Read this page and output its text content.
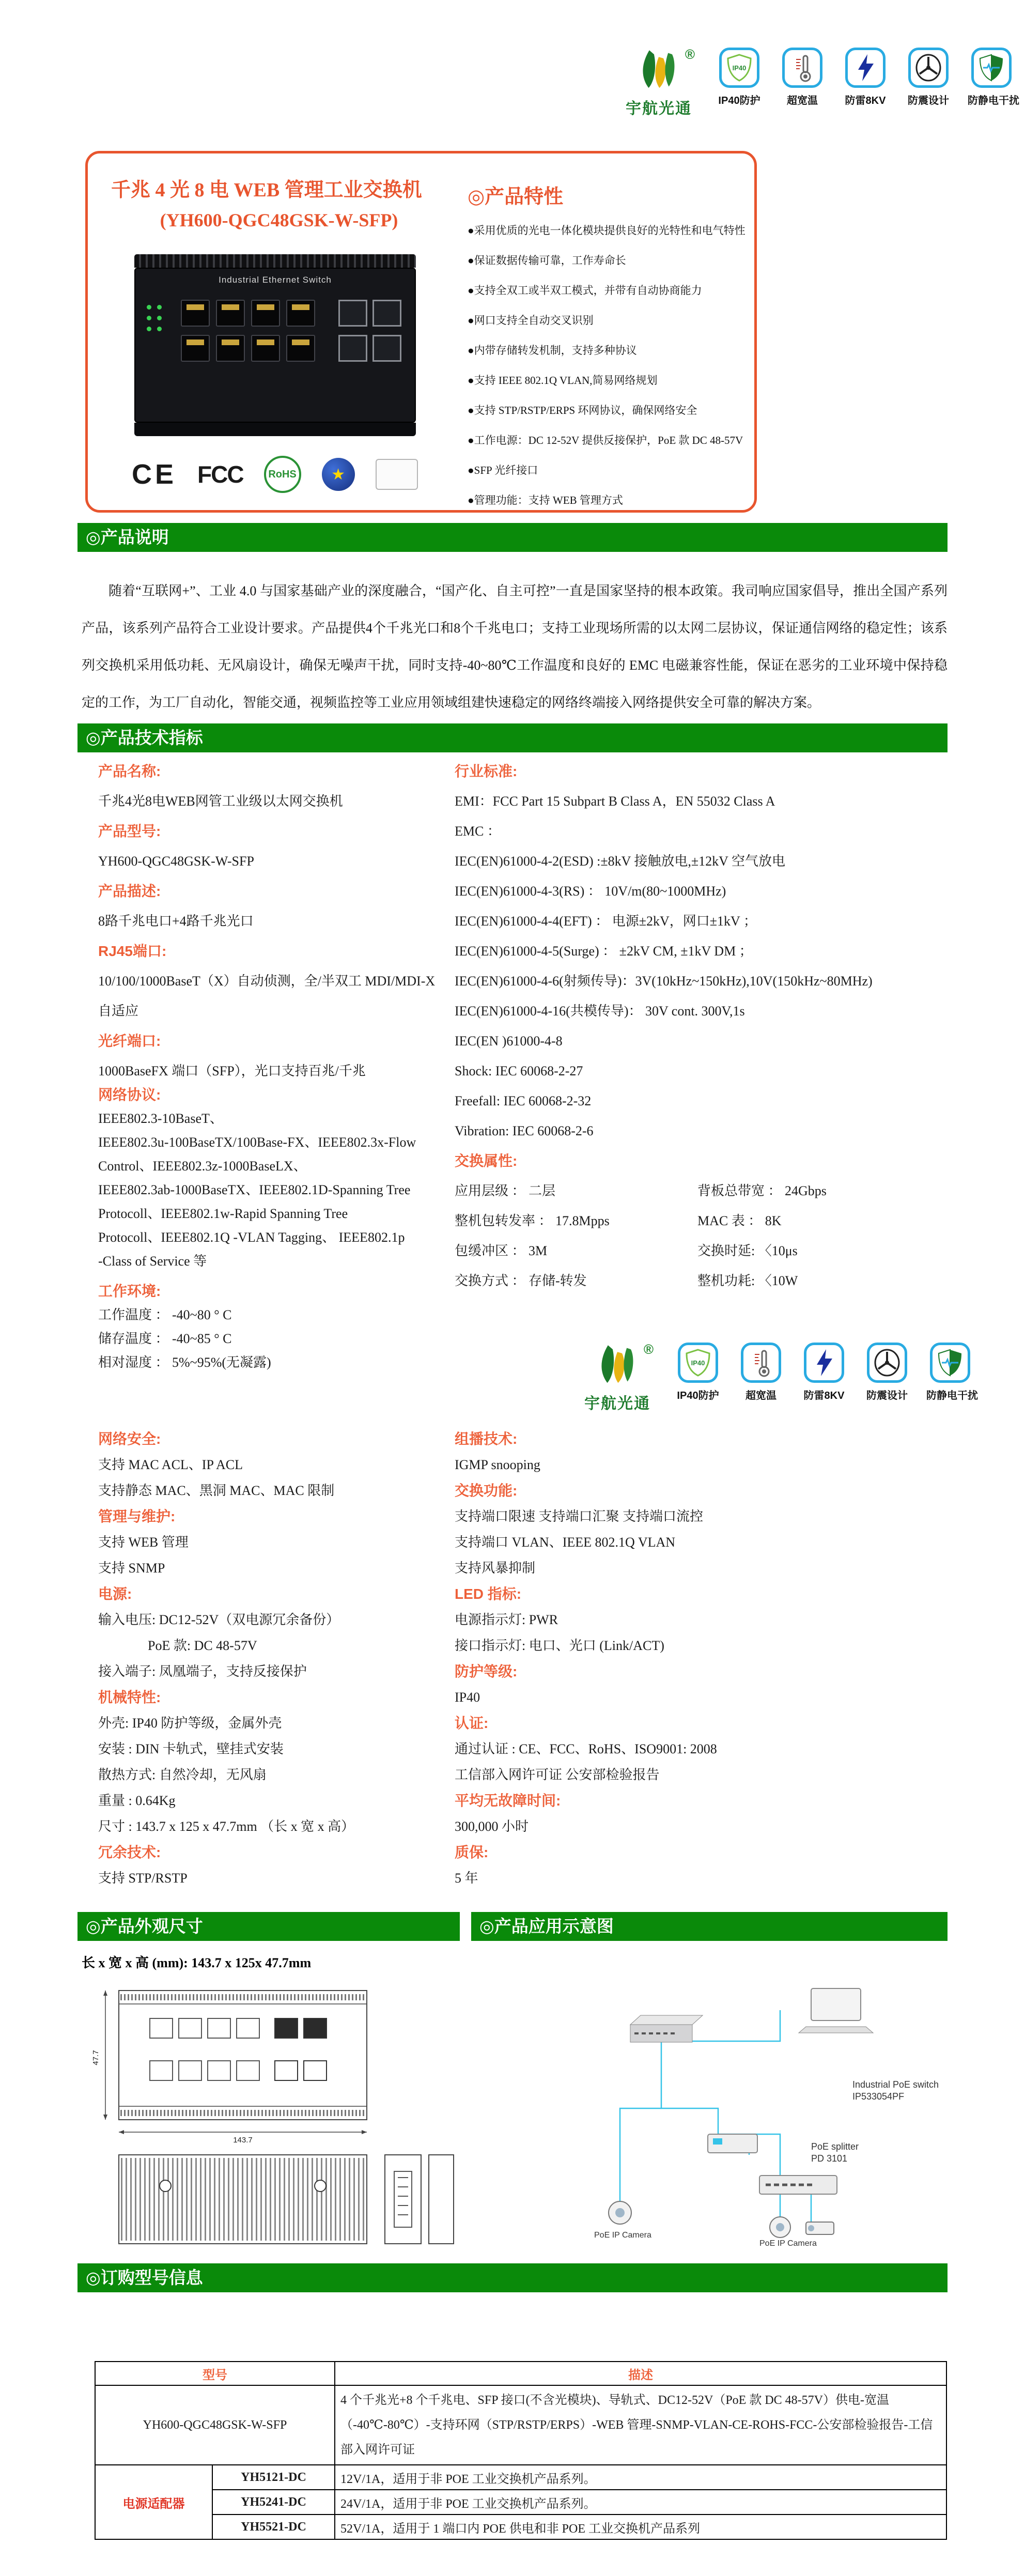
®
宇航光通
IP40
IP40防护	超宽温	防雷8KV	防震设计	防静电干扰
千兆 4 光 8 电 WEB 管理工业交换机
(YH600-QGC48GSK-W-SFP)
Industrial Ethernet Switch
CE FCC	RoHS	★
◎产品特性
●采用优质的光电一体化模块提供良好的光特性和电气特性
●保证数据传输可靠，工作寿命长
●支持全双工或半双工模式，并带有自动协商能力
●网口支持全自动交叉识别
●内带存储转发机制，支持多种协议
●支持 IEEE 802.1Q VLAN,简易网络规划
●支持 STP/RSTP/ERPS 环网协议，确保网络安全
●工作电源：DC 12-52V 提供反接保护，PoE 款 DC 48-57V
●SFP 光纤接口
●管理功能：支持 WEB 管理方式
◎产品说明
随着“互联网+”、工业 4.0 与国家基础产业的深度融合，“国产化、自主可控”一直是国家坚持的根本政策。我司响应国家倡导，推出全国产系列产品，该系列产品符合工业设计要求。产品提供4个千兆光口和8个千兆电口；支持工业现场所需的以太网二层协议，保证通信网络的稳定性；该系列交换机采用低功耗、无风扇设计，确保无噪声干扰，同时支持-40~80℃工作温度和良好的 EMC 电磁兼容性能，保证在恶劣的工业环境中保持稳定的工作，为工厂自动化，智能交通，视频监控等工业应用领域组建快速稳定的网络终端接入网络提供安全可靠的解决方案。
◎产品技术指标
产品名称:
千兆4光8电WEB网管工业级以太网交换机
产品型号:
YH600-QGC48GSK-W-SFP
产品描述:
8路千兆电口+4路千兆光口
RJ45端口:
10/100/1000BaseT（X）自动侦测，全/半双工 MDI/MDI-X
自适应
光纤端口:
1000BaseFX 端口（SFP），光口支持百兆/千兆
网络协议:
IEEE802.3-10BaseT、
IEEE802.3u-100BaseTX/100Base-FX、IEEE802.3x-Flow
Control、IEEE802.3z-1000BaseLX、
IEEE802.3ab-1000BaseTX、IEEE802.1D-Spanning Tree
Protocoll、IEEE802.1w-Rapid Spanning Tree
Protocoll、IEEE802.1Q -VLAN Tagging、 IEEE802.1p
-Class of Service 等
工作环境:
工作温度 ： -40~80 ° C
储存温度 ： -40~85 ° C
相对湿度 ： 5%~95%(无凝露)
行业标准:
EMI：FCC Part 15 Subpart B Class A，EN 55032 Class A
EMC ：
IEC(EN)61000-4-2(ESD) :±8kV 接触放电,±12kV 空气放电
IEC(EN)61000-4-3(RS) ： 10V/m(80~1000MHz)
IEC(EN)61000-4-4(EFT) ： 电源±2kV，网口±1kV ；
IEC(EN)61000-4-5(Surge) ： ±2kV CM, ±1kV DM ；
IEC(EN)61000-4-6(射频传导)：3V(10kHz~150kHz),10V(150kHz~80MHz)
IEC(EN)61000-4-16(共模传导)： 30V cont. 300V,1s
IEC(EN )61000-4-8
Shock: IEC 60068-2-27
Freefall: IEC 60068-2-32
Vibration: IEC 60068-2-6
交换属性:
应用层级 ： 二层	背板总带宽 ： 24Gbps
整机包转发率 ： 17.8Mpps	MAC 表 ： 8K
包缓冲区 ： 3M	交换时延: 〈10μs
交换方式 ： 存储-转发	整机功耗: 〈10W
®
宇航光通
IP40
IP40防护	超宽温	防雷8KV	防震设计	防静电干扰
网络安全:
支持 MAC ACL、IP ACL
支持静态 MAC、黑洞 MAC、MAC 限制
管理与维护:
支持 WEB 管理
支持 SNMP
电源:
输入电压: DC12-52V（双电源冗余备份）
PoE 款: DC 48-57V
接入端子: 凤凰端子，支持反接保护
机械特性:
外壳: IP40 防护等级，金属外壳
安装 : DIN 卡轨式，壁挂式安装
散热方式: 自然冷却，无风扇
重量 : 0.64Kg
尺寸 : 143.7 x 125 x 47.7mm （长 x 宽 x 高）
冗余技术:
支持 STP/RSTP
组播技术:
IGMP snooping
交换功能:
支持端口限速 支持端口汇聚 支持端口流控
支持端口 VLAN、IEEE 802.1Q VLAN
支持风暴抑制
LED 指标:
电源指示灯: PWR
接口指示灯: 电口、光口 (Link/ACT)
防护等级:
IP40
认证:
通过认证 : CE、FCC、RoHS、ISO9001: 2008
工信部入网许可证 公安部检验报告
平均无故障时间:
300,000 小时
质保:
5 年
◎产品外观尺寸	◎产品应用示意图
长 x 宽 x 高 (mm): 143.7 x 125x 47.7mm
47.7
143.7
Industrial PoE switch
IP533054PF
PoE splitter
PD 3101
PoE IP Camera
PoE IP Camera
◎订购型号信息
型号		描述
YH600-QGC48GSK-W-SFP		4 个千兆光+8 个千兆电、SFP 接口(不含光模块)、导轨式、DC12-52V（PoE 款 DC 48-57V）供电-宽温（-40℃-80℃）-支持环网（STP/RSTP/ERPS）-WEB 管理-SNMP-VLAN-CE-ROHS-FCC-公安部检验报告-工信部入网许可证
电源适配器	YH5121-DC	12V/1A，适用于非 POE 工业交换机产品系列。
	YH5241-DC	24V/1A，适用于非 POE 工业交换机产品系列。
	YH5521-DC	52V/1A，适用于 1 端口内 POE 供电和非 POE 工业交换机产品系列
